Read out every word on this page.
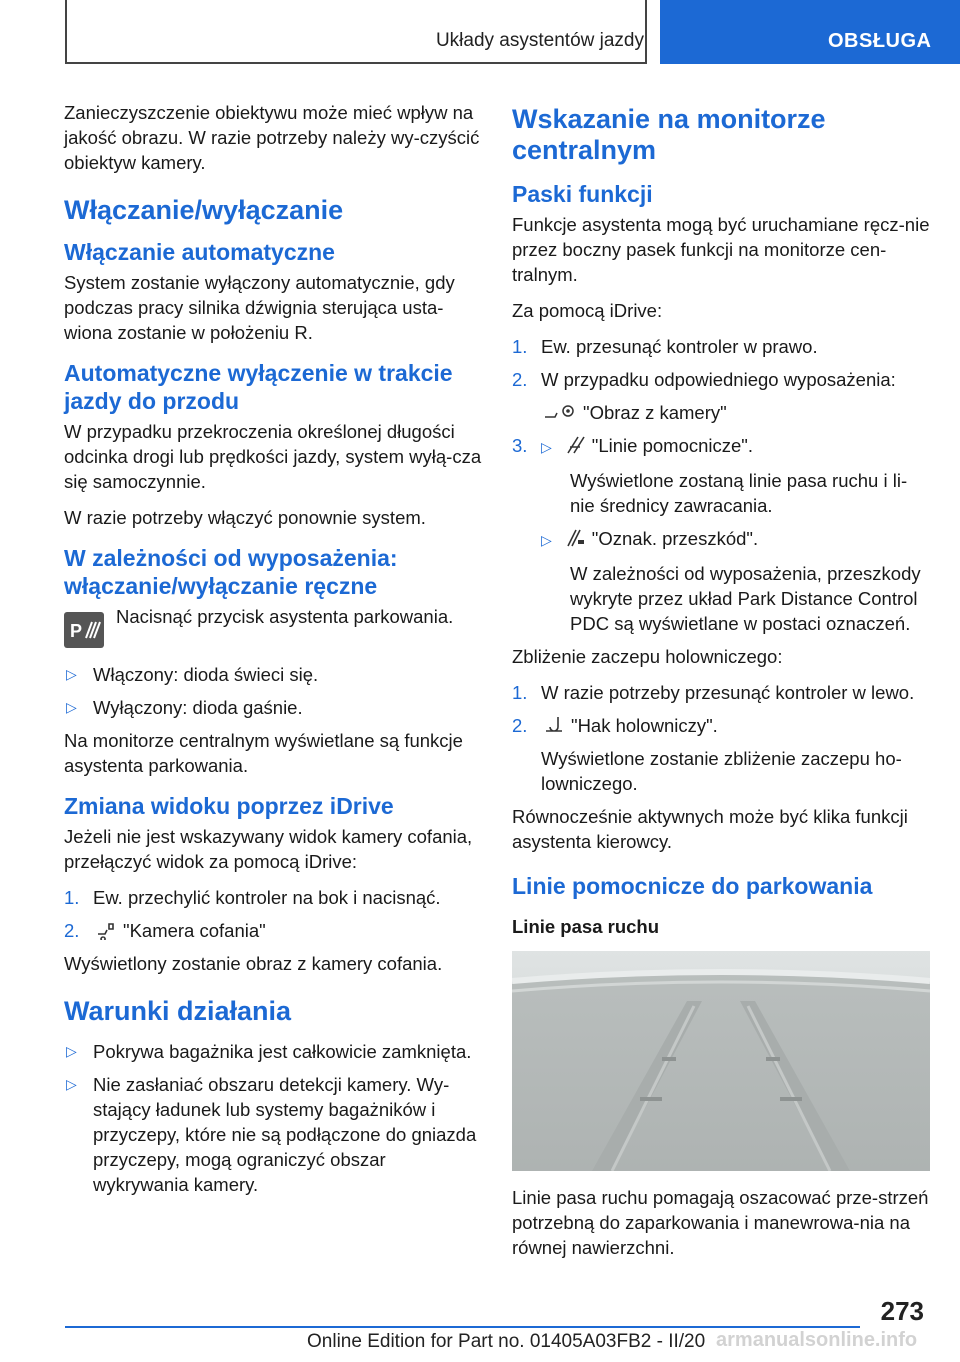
Układy asystentów jazdy	OBSŁUGA

Zanieczyszczenie obiektywu może mieć wpływ na jakość obrazu. W razie potrzeby należy wy-czyścić obiektyw kamery.

Włączanie/wyłączanie
Włączanie automatyczne

System zostanie wyłączony automatycznie, gdy podczas pracy silnika dźwignia sterująca usta-wiona zostanie w położeniu R.

Automatyczne wyłączenie w trakcie jazdy do przodu

W przypadku przekroczenia określonej długości odcinka drogi lub prędkości jazdy, system wyłą-cza się samoczynnie.

W razie potrzeby włączyć ponownie system.

W zależności od wyposażenia: włączanie/wyłączanie ręczne
P
Nacisnąć przycisk asystenta parkowania.
▷ Włączony: dioda świeci się.
▷ Wyłączony: dioda gaśnie.

Na monitorze centralnym wyświetlane są funkcje asystenta parkowania.

Zmiana widoku poprzez iDrive

Jeżeli nie jest wskazywany widok kamery cofania, przełączyć widok za pomocą iDrive:

1. Ew. przechylić kontroler na bok i nacisnąć.
2. "Kamera cofania"

Wyświetlony zostanie obraz z kamery cofania.

Warunki działania
▷ Pokrywa bagażnika jest całkowicie zamknięta.
▷ Nie zasłaniać obszaru detekcji kamery. Wy-stający ładunek lub systemy bagażników i przyczepy, które nie są podłączone do gniazda przyczepy, mogą ograniczyć obszar wykrywania kamery.
Wskazanie na monitorze centralnym
Paski funkcji

Funkcje asystenta mogą być uruchamiane ręcz-nie przez boczny pasek funkcji na monitorze cen-tralnym.

Za pomocą iDrive:

1. Ew. przesunąć kontroler w prawo.
2. W przypadku odpowiedniego wyposażenia:
"Obraz z kamery"
3. ▷ "Linie pomocnicze".
Wyświetlone zostaną linie pasa ruchu i li-nie średnicy zawracania.
▷ "Oznak. przeszkód".
W zależności od wyposażenia, przeszkody wykryte przez układ Park Distance Control PDC są wyświetlane w postaci oznaczeń.

Zbliżenie zaczepu holowniczego:

1. W razie potrzeby przesunąć kontroler w lewo.
2. "Hak holowniczy".
Wyświetlone zostanie zbliżenie zaczepu ho-lowniczego.

Równocześnie aktywnych może być klika funkcji asystenta kierowcy.

Linie pomocnicze do parkowania
Linie pasa ruchu

Linie pasa ruchu pomagają oszacować prze-strzeń potrzebną do zaparkowania i manewrowa-nia na równej nawierzchni.

273
Online Edition for Part no. 01405A03FB2 - II/20 armanualsonline.info
